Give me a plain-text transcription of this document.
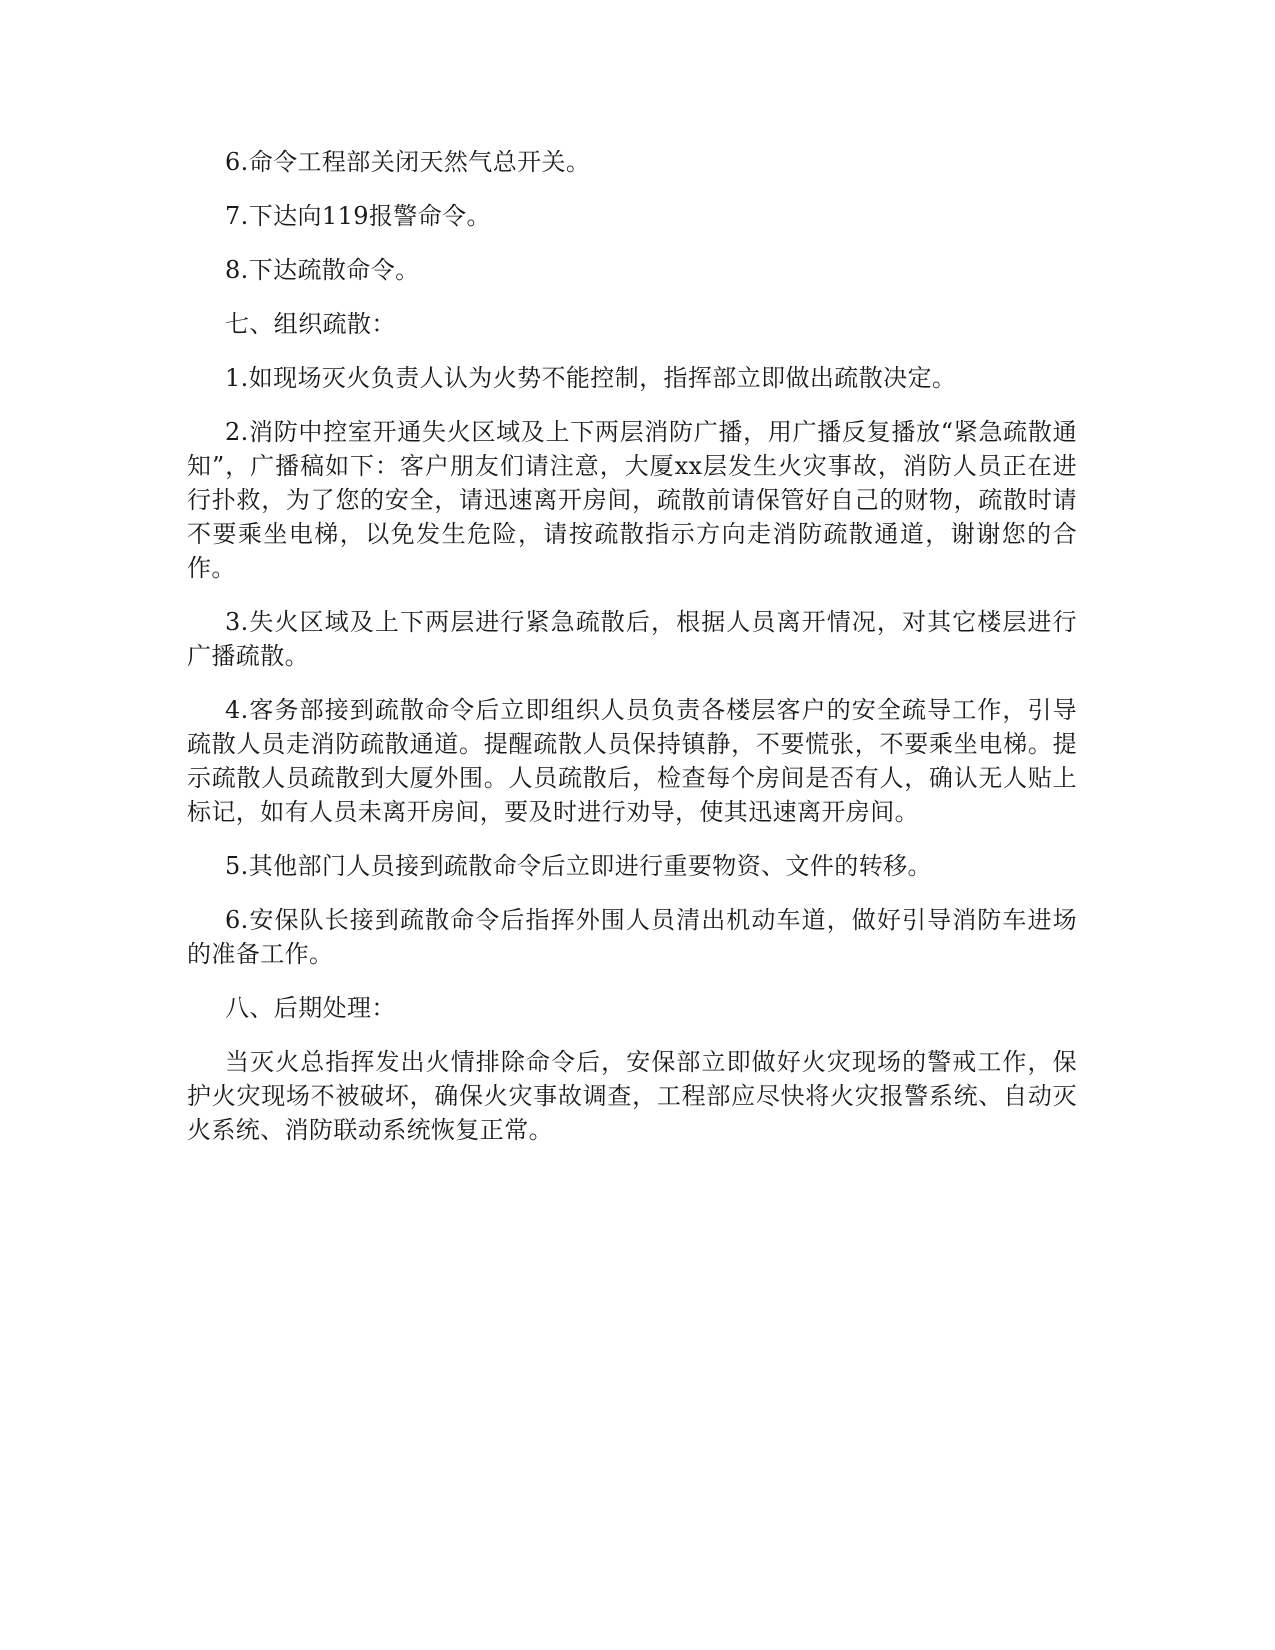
6.命令工程部关闭天然气总开关。

7.下达向119报警命令。

8.下达疏散命令。

七、组织疏散：

1.如现场灭火负责人认为火势不能控制，指挥部立即做出疏散决定。

2.消防中控室开通失火区域及上下两层消防广播，用广播反复播放“紧急疏散通知”，广播稿如下：客户朋友们请注意，大厦xx层发生火灾事故，消防人员正在进行扑救，为了您的安全，请迅速离开房间，疏散前请保管好自己的财物，疏散时请不要乘坐电梯，以免发生危险，请按疏散指示方向走消防疏散通道，谢谢您的合作。

3.失火区域及上下两层进行紧急疏散后，根据人员离开情况，对其它楼层进行广播疏散。

4.客务部接到疏散命令后立即组织人员负责各楼层客户的安全疏导工作，引导疏散人员走消防疏散通道。提醒疏散人员保持镇静，不要慌张，不要乘坐电梯。提示疏散人员疏散到大厦外围。人员疏散后，检查每个房间是否有人，确认无人贴上标记，如有人员未离开房间，要及时进行劝导，使其迅速离开房间。

5.其他部门人员接到疏散命令后立即进行重要物资、文件的转移。

6.安保队长接到疏散命令后指挥外围人员清出机动车道，做好引导消防车进场的准备工作。

八、后期处理：

当灭火总指挥发出火情排除命令后，安保部立即做好火灾现场的警戒工作，保护火灾现场不被破坏，确保火灾事故调查，工程部应尽快将火灾报警系统、自动灭火系统、消防联动系统恢复正常。
